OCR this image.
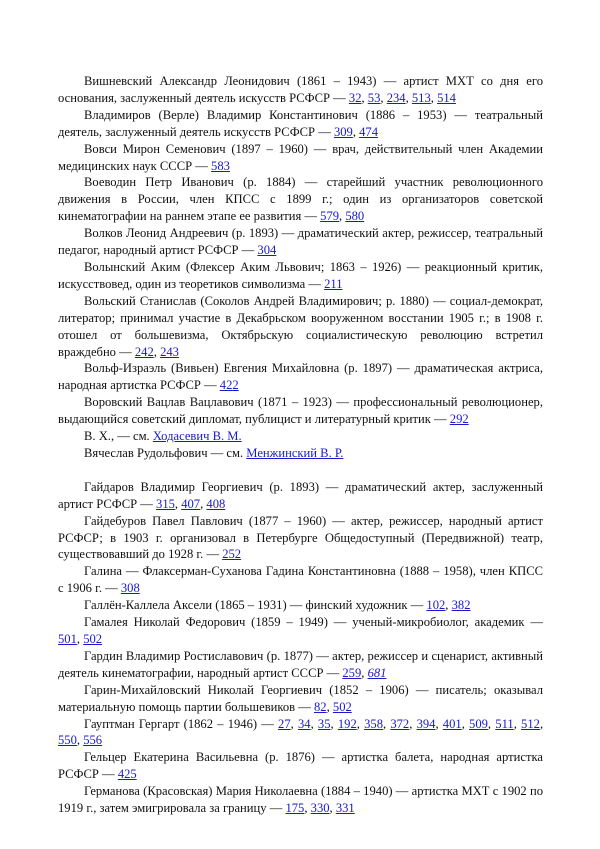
Вишневский Александр Леонидович (1861 – 1943) — артист МХТ со дня его основания, заслуженный деятель искусств РСФСР — 32, 53, 234, 513, 514

Владимиров (Верле) Владимир Константинович (1886 – 1953) — театральный деятель, заслуженный деятель искусств РСФСР — 309, 474

Вовси Мирон Семенович (1897 – 1960) — врач, действительный член Академии медицинских наук СССР — 583

Воеводин Петр Иванович (р. 1884) — старейший участник революционного движения в России, член КПСС с 1899 г.; один из организаторов советской кинематографии на раннем этапе ее развития — 579, 580

Волков Леонид Андреевич (р. 1893) — драматический актер, режиссер, театральный педагог, народный артист РСФСР — 304

Волынский Аким (Флексер Аким Львович; 1863 – 1926) — реакционный критик, искусствовед, один из теоретиков символизма — 211

Вольский Станислав (Соколов Андрей Владимирович; р. 1880) — социал-демократ, литератор; принимал участие в Декабрьском вооруженном восстании 1905 г.; в 1908 г. отошел от большевизма, Октябрьскую социалистическую революцию встретил враждебно — 242, 243

Вольф-Израэль (Вивьен) Евгения Михайловна (р. 1897) — драматическая актриса, народная артистка РСФСР — 422

Воровский Вацлав Вацлавович (1871 – 1923) — профессиональный революционер, выдающийся советский дипломат, публицист и литературный критик — 292

В. Х., — см. Ходасевич В. М.

Вячеслав Рудольфович — см. Менжинский В. Р.

Гайдаров Владимир Георгиевич (р. 1893) — драматический актер, заслуженный артист РСФСР — 315, 407, 408

Гайдебуров Павел Павлович (1877 – 1960) — актер, режиссер, народный артист РСФСР; в 1903 г. организовал в Петербурге Общедоступный (Передвижной) театр, существовавший до 1928 г. — 252

Галина — Флаксерман-Суханова Гадина Константиновна (1888 – 1958), член КПСС с 1906 г. — 308

Галлён-Каллела Аксели (1865 – 1931) — финский художник — 102, 382

Гамалея Николай Федорович (1859 – 1949) — ученый-микробиолог, академик — 501, 502

Гардин Владимир Ростиславович (р. 1877) — актер, режиссер и сценарист, активный деятель кинематографии, народный артист СССР — 259, 681

Гарин-Михайловский Николай Георгиевич (1852 – 1906) — писатель; оказывал материальную помощь партии большевиков — 82, 502

Гауптман Гергарт (1862 – 1946) — 27, 34, 35, 192, 358, 372, 394, 401, 509, 511, 512, 550, 556

Гельцер Екатерина Васильевна (р. 1876) — артистка балета, народная артистка РСФСР — 425

Германова (Красовская) Мария Николаевна (1884 – 1940) — артистка МХТ с 1902 по 1919 г., затем эмигрировала за границу — 175, 330, 331
